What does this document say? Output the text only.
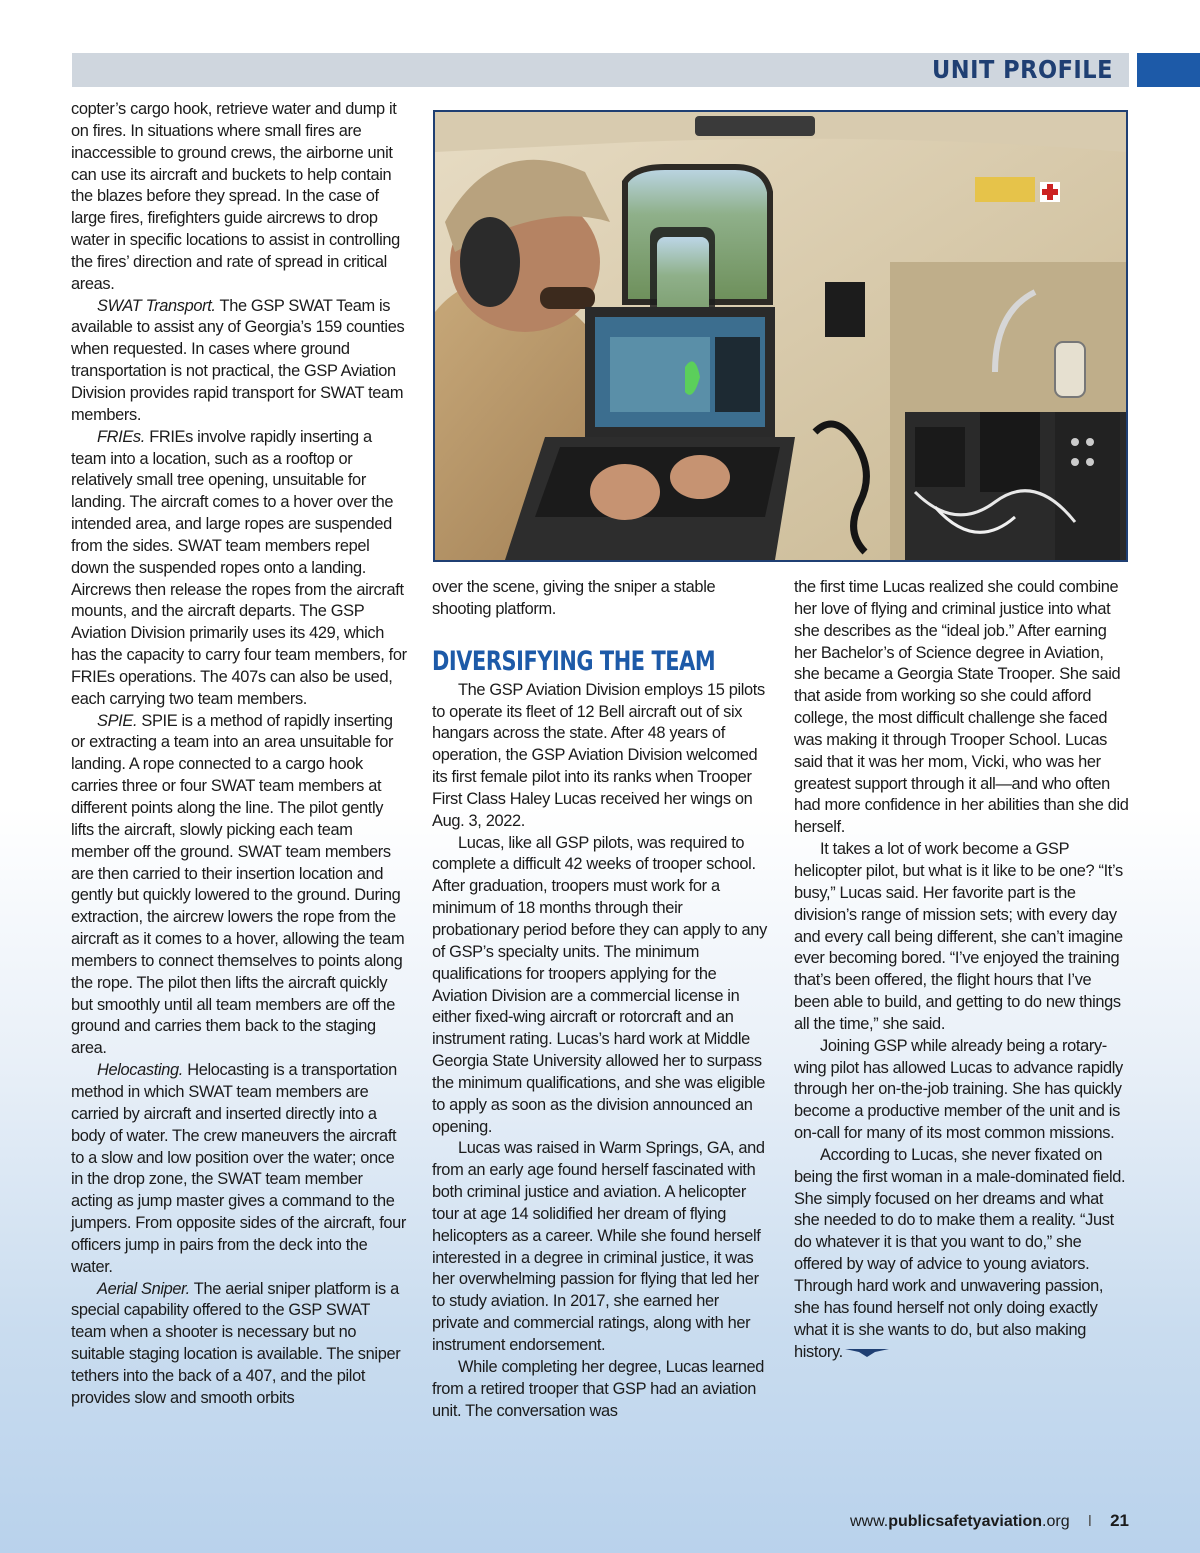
UNIT PROFILE

copter’s cargo hook, retrieve water and dump it on fires. In situations where small fires are inaccessible to ground crews, the airborne unit can use its aircraft and buckets to help contain the blazes before they spread. In the case of large fires, firefighters guide aircrews to drop water in specific locations to assist in controlling the fires’ direction and rate of spread in critical areas.

SWAT Transport. The GSP SWAT Team is available to assist any of Georgia’s 159 counties when requested. In cases where ground transportation is not practical, the GSP Aviation Division provides rapid transport for SWAT team members.

FRIEs. FRIEs involve rapidly inserting a team into a location, such as a rooftop or relatively small tree opening, unsuitable for landing. The aircraft comes to a hover over the intended area, and large ropes are suspended from the sides. SWAT team members repel down the suspended ropes onto a landing. Aircrews then release the ropes from the aircraft mounts, and the aircraft departs. The GSP Aviation Division primarily uses its 429, which has the capacity to carry four team members, for FRIEs operations. The 407s can also be used, each carrying two team members.

SPIE. SPIE is a method of rapidly inserting or extracting a team into an area unsuitable for landing. A rope connected to a cargo hook carries three or four SWAT team members at different points along the line. The pilot gently lifts the aircraft, slowly picking each team member off the ground. SWAT team members are then carried to their insertion location and gently but quickly lowered to the ground. During extraction, the aircrew lowers the rope from the aircraft as it comes to a hover, allowing the team members to connect themselves to points along the rope. The pilot then lifts the aircraft quickly but smoothly until all team members are off the ground and carries them back to the staging area.

Helocasting. Helocasting is a transportation method in which SWAT team members are carried by aircraft and inserted directly into a body of water. The crew maneuvers the aircraft to a slow and low position over the water; once in the drop zone, the SWAT team member acting as jump master gives a command to the jumpers. From opposite sides of the aircraft, four officers jump in pairs from the deck into the water.

Aerial Sniper. The aerial sniper platform is a special capability offered to the GSP SWAT team when a shooter is necessary but no suitable staging location is available. The sniper tethers into the back of a 407, and the pilot provides slow and smooth orbits

over the scene, giving the sniper a stable shooting platform.

DIVERSIFYING THE TEAM

The GSP Aviation Division employs 15 pilots to operate its fleet of 12 Bell aircraft out of six hangars across the state. After 48 years of operation, the GSP Aviation Division welcomed its first female pilot into its ranks when Trooper First Class Haley Lucas received her wings on Aug. 3, 2022.

Lucas, like all GSP pilots, was required to complete a difficult 42 weeks of trooper school. After graduation, troopers must work for a minimum of 18 months through their probationary period before they can apply to any of GSP’s specialty units. The minimum qualifications for troopers applying for the Aviation Division are a commercial license in either fixed-wing aircraft or rotorcraft and an instrument rating. Lucas’s hard work at Middle Georgia State University allowed her to surpass the minimum qualifications, and she was eligible to apply as soon as the division announced an opening.

Lucas was raised in Warm Springs, GA, and from an early age found herself fascinated with both criminal justice and aviation. A helicopter tour at age 14 solidified her dream of flying helicopters as a career. While she found herself interested in a degree in criminal justice, it was her overwhelming passion for flying that led her to study aviation. In 2017, she earned her private and commercial ratings, along with her instrument endorsement.

While completing her degree, Lucas learned from a retired trooper that GSP had an aviation unit. The conversation was

the first time Lucas realized she could combine her love of flying and criminal justice into what she describes as the “ideal job.” After earning her Bachelor’s of Science degree in Aviation, she became a Georgia State Trooper. She said that aside from working so she could afford college, the most difficult challenge she faced was making it through Trooper School. Lucas said that it was her mom, Vicki, who was her greatest support through it all—and who often had more confidence in her abilities than she did herself.

It takes a lot of work become a GSP helicopter pilot, but what is it like to be one? “It’s busy,” Lucas said. Her favorite part is the division’s range of mission sets; with every day and every call being different, she can’t imagine ever becoming bored. “I’ve enjoyed the training that’s been offered, the flight hours that I’ve been able to build, and getting to do new things all the time,” she said.

Joining GSP while already being a rotary-wing pilot has allowed Lucas to advance rapidly through her on-the-job training. She has quickly become a productive member of the unit and is on-call for many of its most common missions.

According to Lucas, she never fixated on being the first woman in a male-dominated field. She simply focused on her dreams and what she needed to do to make them a reality. “Just do whatever it is that you want to do,” she offered by way of advice to young aviators. Through hard work and unwavering passion, she has found herself not only doing exactly what it is she wants to do, but also making history.

www.publicsafetyaviation.org I 21
